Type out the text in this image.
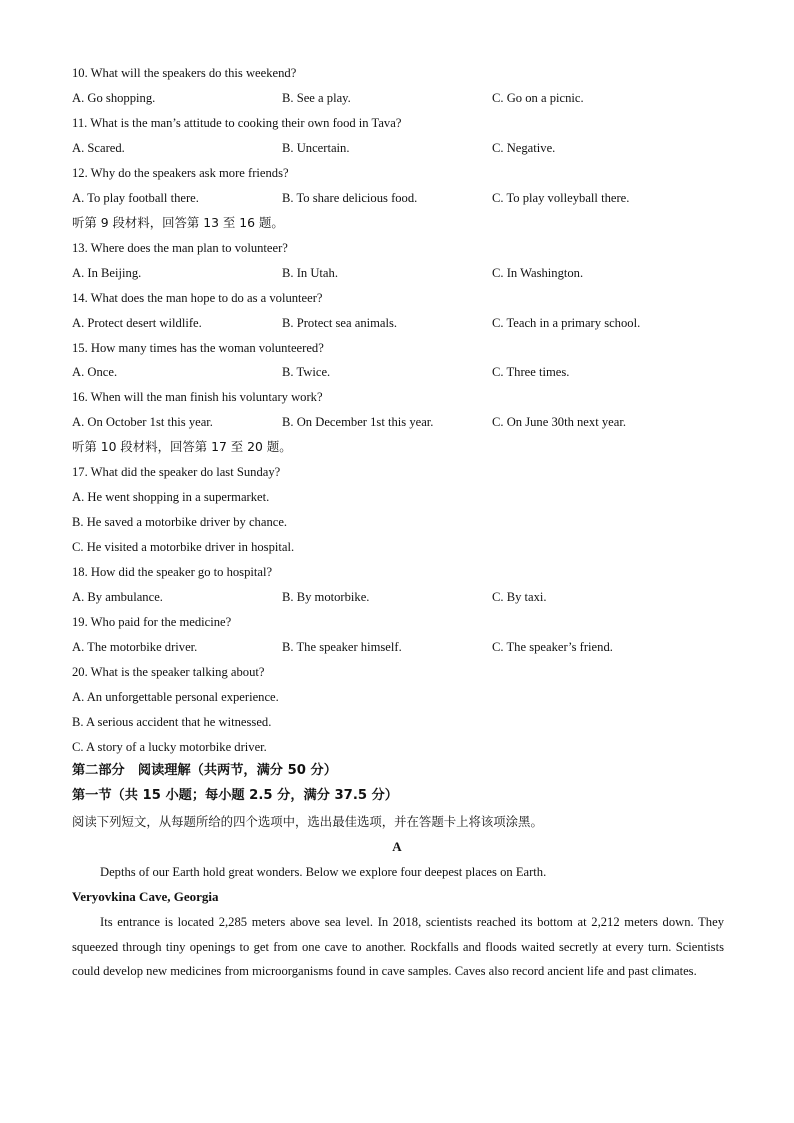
10. What will the speakers do this weekend?
A. Go shopping.	B. See a play.	C. Go on a picnic.
11. What is the man’s attitude to cooking their own food in Tava?
A. Scared.	B. Uncertain.	C. Negative.
12. Why do the speakers ask more friends?
A. To play football there.	B. To share delicious food.	C. To play volleyball there.
听第 9 段材料，回答第 13 至 16 题。
13. Where does the man plan to volunteer?
A. In Beijing.	B. In Utah.	C. In Washington.
14. What does the man hope to do as a volunteer?
A. Protect desert wildlife.	B. Protect sea animals.	C. Teach in a primary school.
15. How many times has the woman volunteered?
A. Once.	B. Twice.	C. Three times.
16. When will the man finish his voluntary work?
A. On October 1st this year.	B. On December 1st this year.	C. On June 30th next year.
听第 10 段材料，回答第 17 至 20 题。
17. What did the speaker do last Sunday?
A. He went shopping in a supermarket.
B. He saved a motorbike driver by chance.
C. He visited a motorbike driver in hospital.
18. How did the speaker go to hospital?
A. By ambulance.	B. By motorbike.	C. By taxi.
19. Who paid for the medicine?
A. The motorbike driver.	B. The speaker himself.	C. The speaker’s friend.
20. What is the speaker talking about?
A. An unforgettable personal experience.
B. A serious accident that he witnessed.
C. A story of a lucky motorbike driver.
第二部分　阅读理解（共两节，满分 50 分）
第一节（共 15 小题；每小题 2.5 分，满分 37.5 分）
阅读下列短文，从每题所给的四个选项中，选出最佳选项，并在答题卡上将该项涂黑。
A
Depths of our Earth hold great wonders. Below we explore four deepest places on Earth.
Veryovkina Cave, Georgia
Its entrance is located 2,285 meters above sea level. In 2018, scientists reached its bottom at 2,212 meters down. They squeezed through tiny openings to get from one cave to another. Rockfalls and floods waited secretly at every turn. Scientists could develop new medicines from microorganisms found in cave samples. Caves also record ancient life and past climates.
